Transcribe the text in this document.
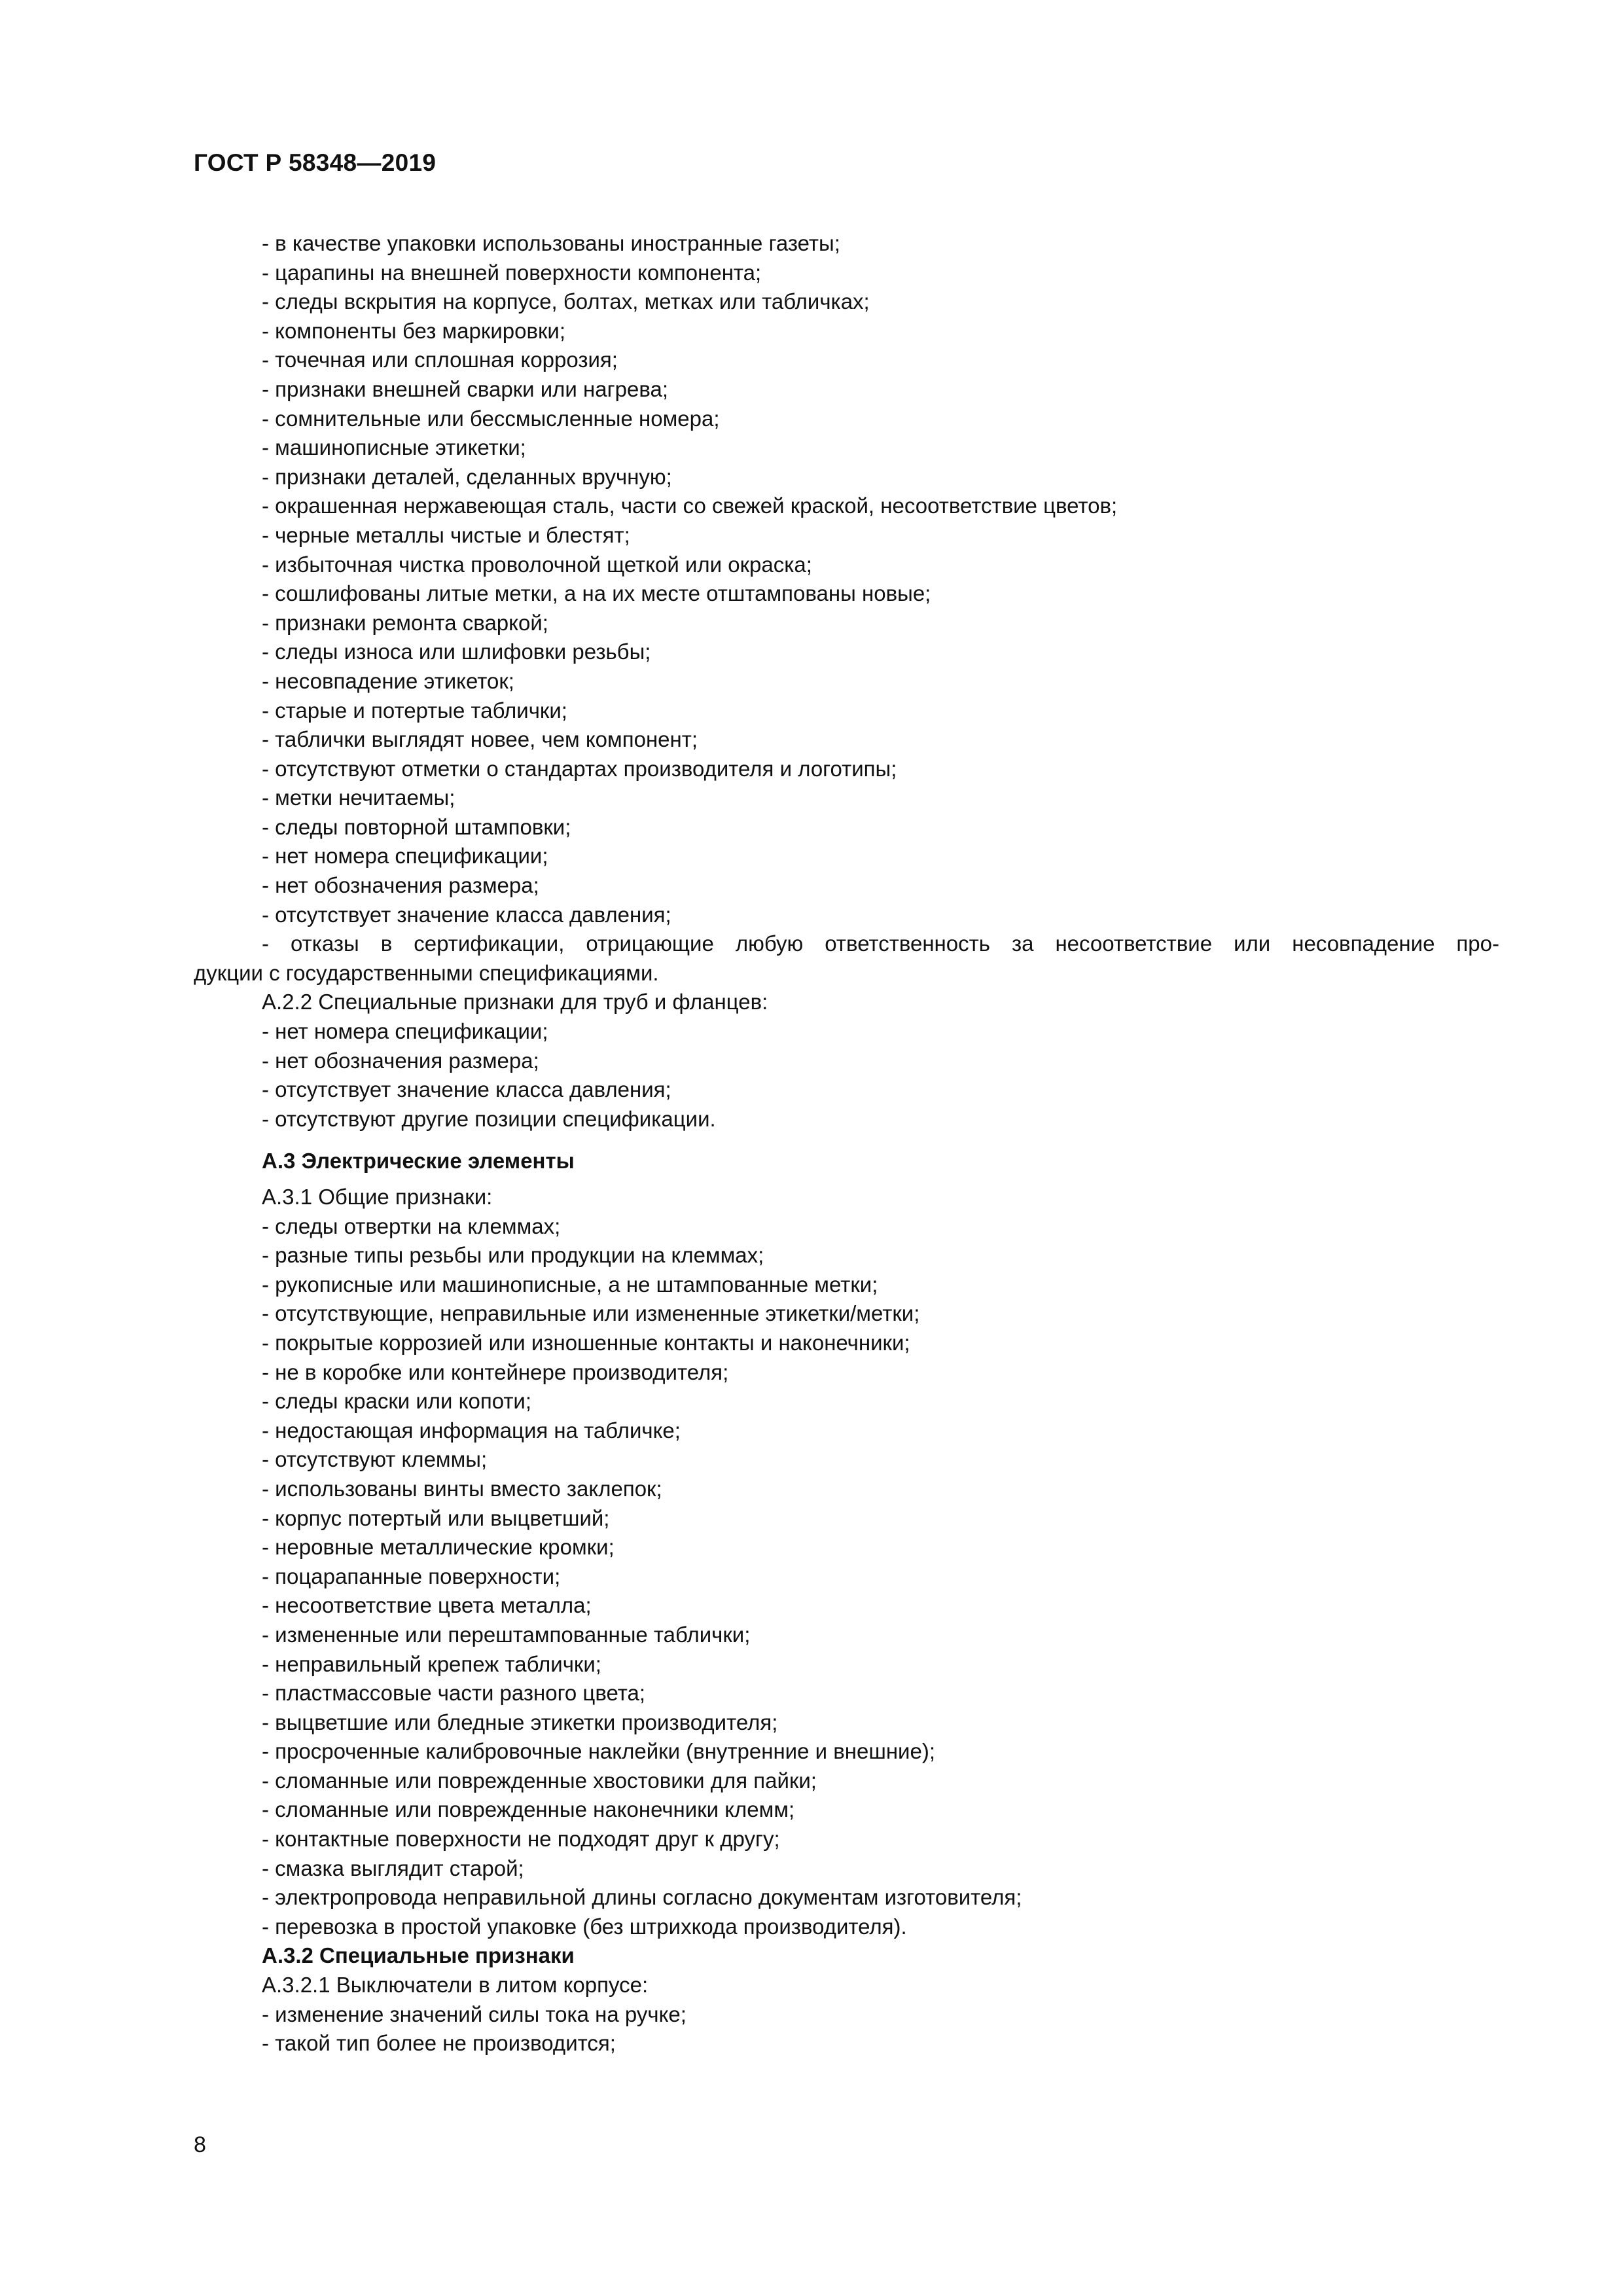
ГОСТ Р 58348—2019
- в качестве упаковки использованы иностранные газеты;
- царапины на внешней поверхности компонента;
- следы вскрытия на корпусе, болтах, метках или табличках;
- компоненты без маркировки;
- точечная или сплошная коррозия;
- признаки внешней сварки или нагрева;
- сомнительные или бессмысленные номера;
- машинописные этикетки;
- признаки деталей, сделанных вручную;
- окрашенная нержавеющая сталь, части со свежей краской, несоответствие цветов;
- черные металлы чистые и блестят;
- избыточная чистка проволочной щеткой или окраска;
- сошлифованы литые метки, а на их месте отштампованы новые;
- признаки ремонта сваркой;
- следы износа или шлифовки резьбы;
- несовпадение этикеток;
- старые и потертые таблички;
- таблички выглядят новее, чем компонент;
- отсутствуют отметки о стандартах производителя и логотипы;
- метки нечитаемы;
- следы повторной штамповки;
- нет номера спецификации;
- нет обозначения размера;
- отсутствует значение класса давления;
- отказы в сертификации, отрицающие любую ответственность за несоответствие или несовпадение про-
дукции с государственными спецификациями.
А.2.2 Специальные признаки для труб и фланцев:
- нет номера спецификации;
- нет обозначения размера;
- отсутствует значение класса давления;
- отсутствуют другие позиции спецификации.
А.3 Электрические элементы
А.3.1 Общие признаки:
- следы отвертки на клеммах;
- разные типы резьбы или продукции на клеммах;
- рукописные или машинописные, а не штампованные метки;
- отсутствующие, неправильные или измененные этикетки/метки;
- покрытые коррозией или изношенные контакты и наконечники;
- не в коробке или контейнере производителя;
- следы краски или копоти;
- недостающая информация на табличке;
- отсутствуют клеммы;
- использованы винты вместо заклепок;
- корпус потертый или выцветший;
- неровные металлические кромки;
- поцарапанные поверхности;
- несоответствие цвета металла;
- измененные или перештампованные таблички;
- неправильный крепеж таблички;
- пластмассовые части разного цвета;
- выцветшие или бледные этикетки производителя;
- просроченные калибровочные наклейки (внутренние и внешние);
- сломанные или поврежденные хвостовики для пайки;
- сломанные или поврежденные наконечники клемм;
- контактные поверхности не подходят друг к другу;
- смазка выглядит старой;
- электропровода неправильной длины согласно документам изготовителя;
- перевозка в простой упаковке (без штрихкода производителя).
А.3.2 Специальные признаки
А.3.2.1 Выключатели в литом корпусе:
- изменение значений силы тока на ручке;
- такой тип более не производится;
8
